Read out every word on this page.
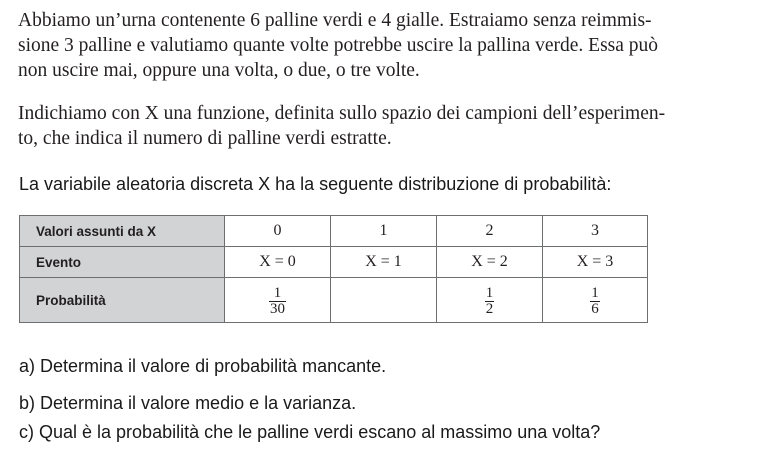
Abbiamo un’urna contenente 6 palline verdi e 4 gialle. Estraiamo senza reimmis-
sione 3 palline e valutiamo quante volte potrebbe uscire la pallina verde. Essa può
non uscire mai, oppure una volta, o due, o tre volte.
Indichiamo con X una funzione, definita sullo spazio dei campioni dell’esperimen-
to, che indica il numero di palline verdi estratte.

La variabile aleatoria discreta X ha la seguente distribuzione di probabilità:

Valori assunti da X	0	1	2	3
Evento	X = 0	X = 1	X = 2	X = 3
Probabilità	$\frac{1}{30}$		$\frac{1}{2}$	$\frac{1}{6}$

a) Determina il valore di probabilità mancante.

b) Determina il valore medio e la varianza.

c) Qual è la probabilità che le palline verdi escano al massimo una volta?
